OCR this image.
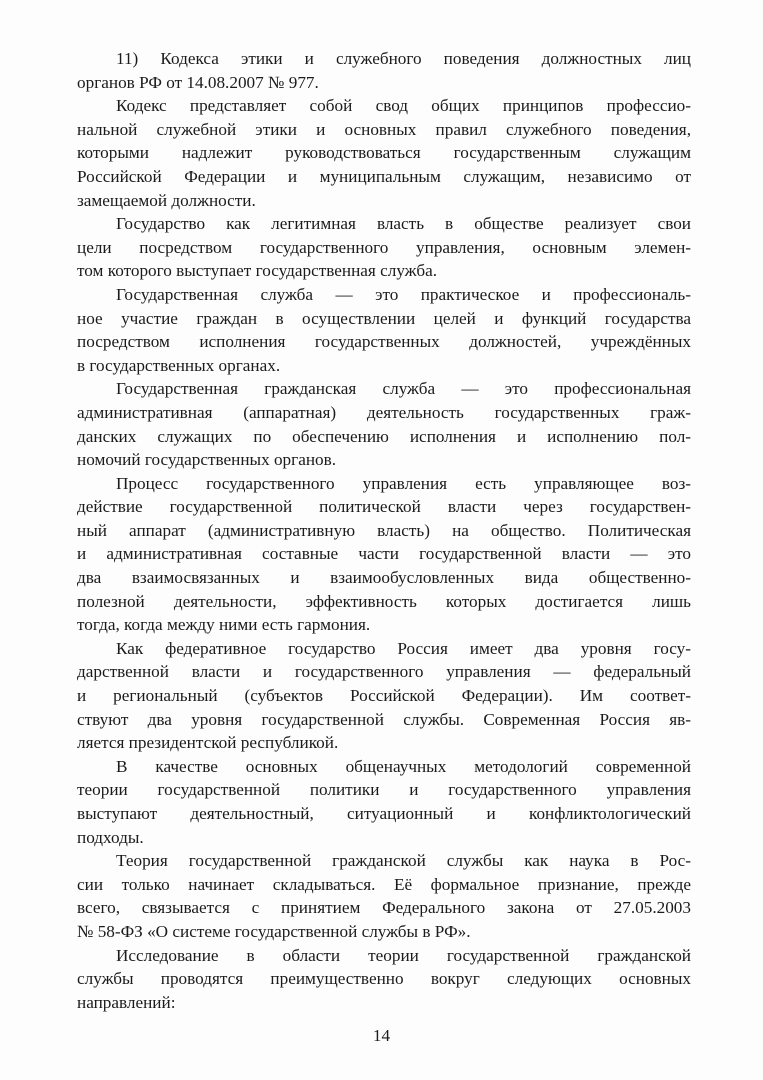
11) Кодекса этики и служебного поведения должностных лиц
органов РФ от 14.08.2007 № 977.
Кодекс представляет собой свод общих принципов профессио-
нальной служебной этики и основных правил служебного поведения,
которыми надлежит руководствоваться государственным служащим
Российской Федерации и муниципальным служащим, независимо от
замещаемой должности.
Государство как легитимная власть в обществе реализует свои
цели посредством государственного управления, основным элемен-
том которого выступает государственная служба.
Государственная служба — это практическое и профессиональ-
ное участие граждан в осуществлении целей и функций государства
посредством исполнения государственных должностей, учреждённых
в государственных органах.
Государственная гражданская служба — это профессиональная
административная (аппаратная) деятельность государственных граж-
данских служащих по обеспечению исполнения и исполнению пол-
номочий государственных органов.
Процесс государственного управления есть управляющее воз-
действие государственной политической власти через государствен-
ный аппарат (административную власть) на общество. Политическая
и административная составные части государственной власти — это
два взаимосвязанных и взаимообусловленных вида общественно-
полезной деятельности, эффективность которых достигается лишь
тогда, когда между ними есть гармония.
Как федеративное государство Россия имеет два уровня госу-
дарственной власти и государственного управления — федеральный
и региональный (субъектов Российской Федерации). Им соответ-
ствуют два уровня государственной службы. Современная Россия яв-
ляется президентской республикой.
В качестве основных общенаучных методологий современной
теории государственной политики и государственного управления
выступают деятельностный, ситуационный и конфликтологический
подходы.
Теория государственной гражданской службы как наука в Рос-
сии только начинает складываться. Её формальное признание, прежде
всего, связывается с принятием Федерального закона от 27.05.2003
№ 58-ФЗ «О системе государственной службы в РФ».
Исследование в области теории государственной гражданской
службы проводятся преимущественно вокруг следующих основных
направлений:
14
